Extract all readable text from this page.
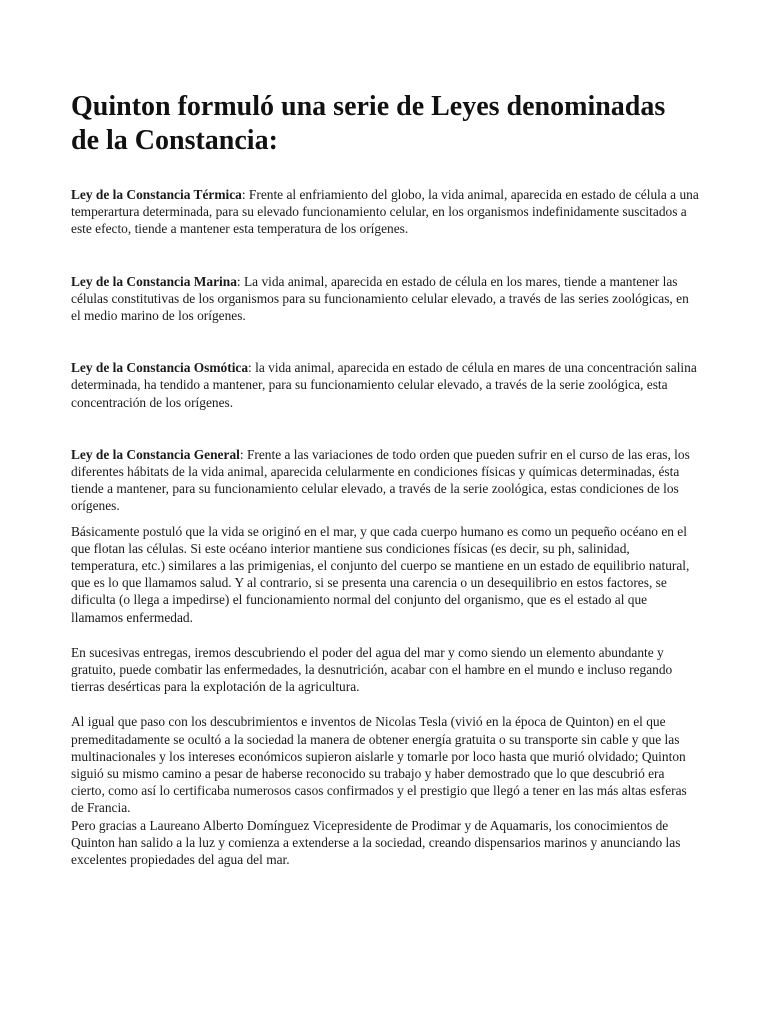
Quinton formuló una serie de Leyes denominadas de la Constancia:

Ley de la Constancia Térmica: Frente al enfriamiento del globo, la vida animal, aparecida en estado de célula a una temperartura determinada, para su elevado funcionamiento celular, en los organismos indefinidamente suscitados a este efecto, tiende a mantener esta temperatura de los orígenes.

Ley de la Constancia Marina: La vida animal, aparecida en estado de célula en los mares, tiende a mantener las células constitutivas de los organismos para su funcionamiento celular elevado, a través de las series zoológicas, en el medio marino de los orígenes.

Ley de la Constancia Osmótica: la vida animal, aparecida en estado de célula en mares de una concentración salina determinada, ha tendido a mantener, para su funcionamiento celular elevado, a través de la serie zoológica, esta concentración de los orígenes.

Ley de la Constancia General: Frente a las variaciones de todo orden que pueden sufrir en el curso de las eras, los diferentes hábitats de la vida animal, aparecida celularmente en condiciones físicas y químicas determinadas, ésta tiende a mantener, para su funcionamiento celular elevado, a través de la serie zoológica, estas condiciones de los orígenes.

Básicamente postuló que la vida se originó en el mar, y que cada cuerpo humano es como un pequeño océano en el que flotan las células. Si este océano interior mantiene sus condiciones físicas (es decir, su ph, salinidad, temperatura, etc.) similares a las primigenias, el conjunto del cuerpo se mantiene en un estado de equilibrio natural, que es lo que llamamos salud. Y al contrario, si se presenta una carencia o un desequilibrio en estos factores, se dificulta (o llega a impedirse) el funcionamiento normal del conjunto del organismo, que es el estado al que llamamos enfermedad.

En sucesivas entregas, iremos descubriendo el poder del agua del mar y como siendo un elemento abundante y gratuito, puede combatir las enfermedades, la desnutrición, acabar con el hambre en el mundo e incluso regando tierras desérticas para la explotación de la agricultura.

Al igual que paso con los descubrimientos e inventos de Nicolas Tesla (vivió en la época de Quinton) en el que premeditadamente se ocultó a la sociedad la manera de obtener energía gratuita o su transporte sin cable y que las multinacionales y los intereses económicos supieron aislarle y tomarle por loco hasta que murió olvidado; Quinton siguió su mismo camino a pesar de haberse reconocido su trabajo y haber demostrado que lo que descubrió era cierto, como así lo certificaba numerosos casos confirmados y el prestigio que llegó a tener en las más altas esferas de Francia.

Pero gracias a Laureano Alberto Domínguez Vicepresidente de Prodimar y de Aquamaris, los conocimientos de Quinton han salido a la luz y comienza a extenderse a la sociedad, creando dispensarios marinos y anunciando las excelentes propiedades del agua del mar.
